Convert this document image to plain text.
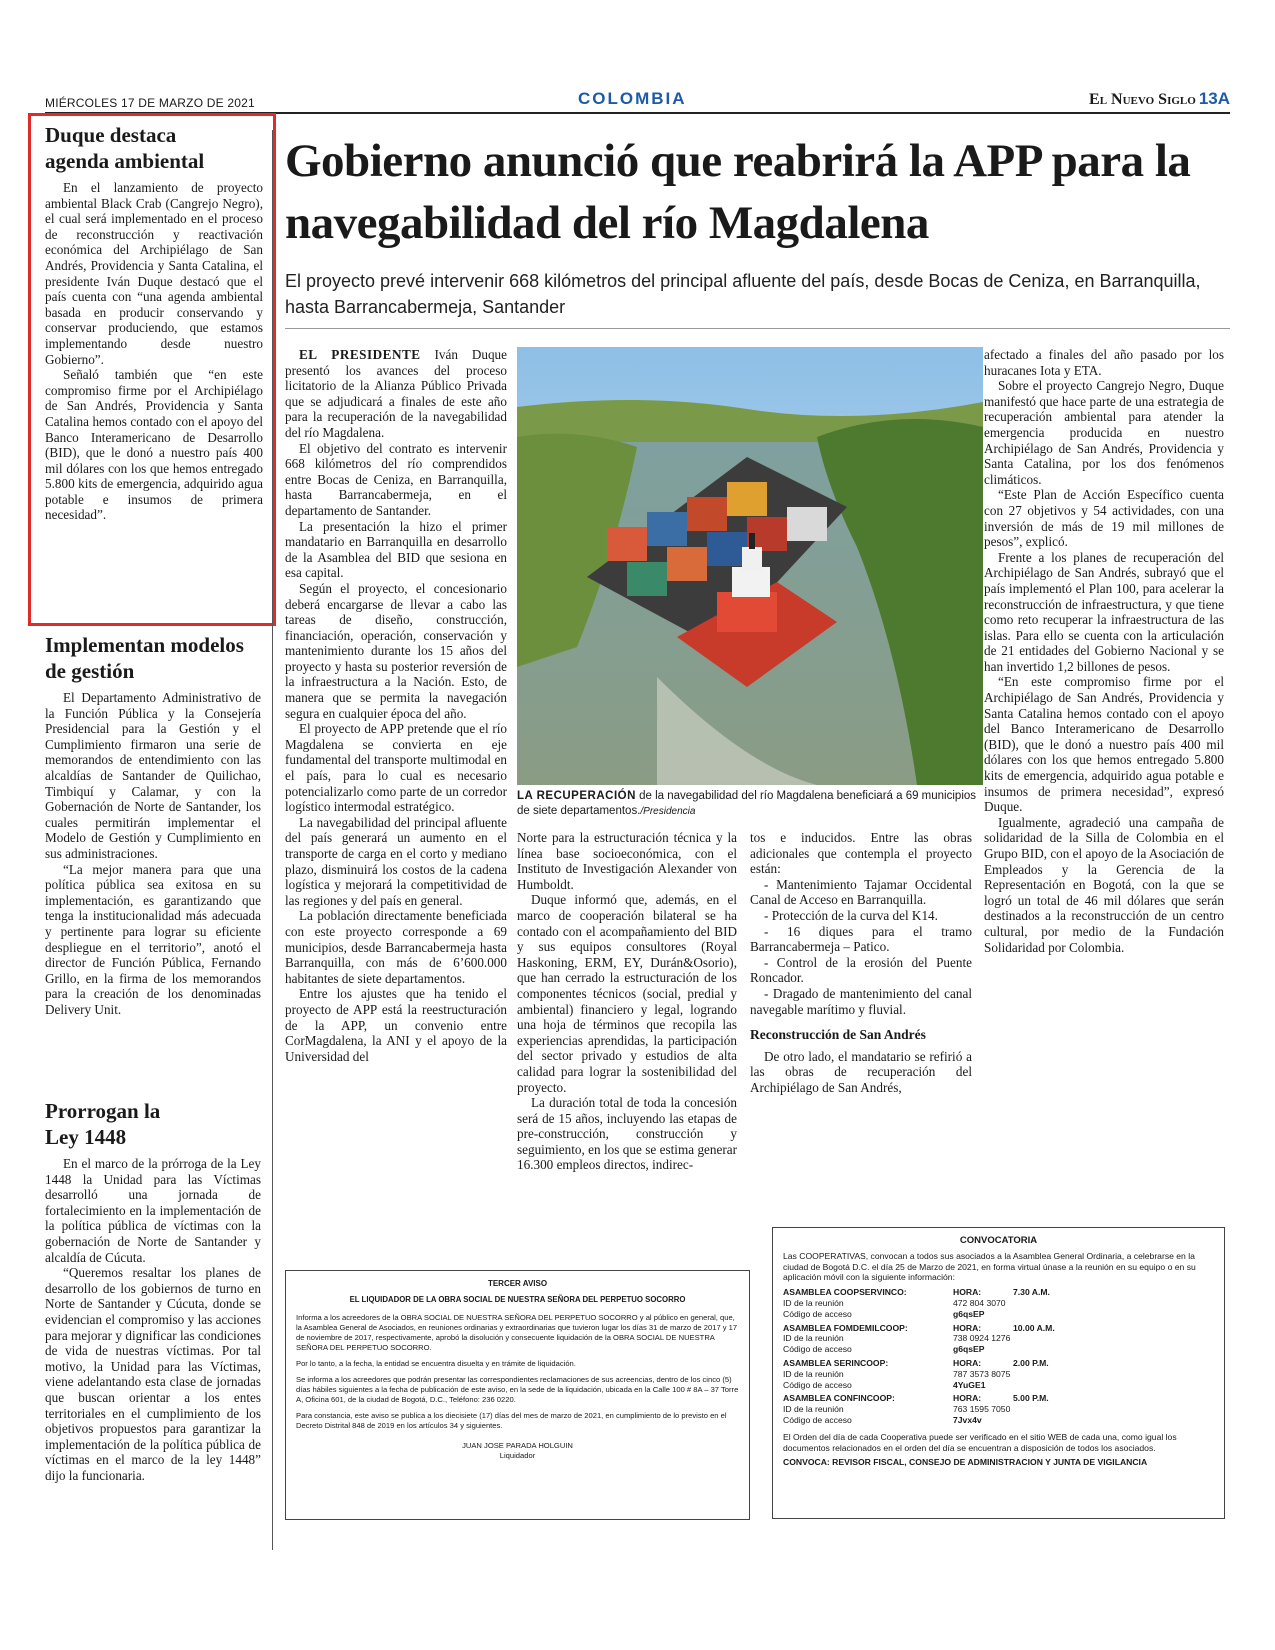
MIÉRCOLES 17 DE MARZO DE 2021	COLOMBIA	El Nuevo Siglo 13A
Duque destaca agenda ambiental

En el lanzamiento de proyecto ambiental Black Crab (Cangrejo Negro), el cual será implementado en el proceso de reconstrucción y reactivación económica del Archipiélago de San Andrés, Providencia y Santa Catalina, el presidente Iván Duque destacó que el país cuenta con “una agenda ambiental basada en producir conservando y conservar produciendo, que estamos implementando desde nuestro Gobierno”.

Señaló también que “en este compromiso firme por el Archipiélago de San Andrés, Providencia y Santa Catalina hemos contado con el apoyo del Banco Interamericano de Desarrollo (BID), que le donó a nuestro país 400 mil dólares con los que hemos entregado 5.800 kits de emergencia, adquirido agua potable e insumos de primera necesidad”.

Implementan modelos de gestión

El Departamento Administrativo de la Función Pública y la Consejería Presidencial para la Gestión y el Cumplimiento firmaron una serie de memorandos de entendimiento con las alcaldías de Santander de Quilichao, Timbiquí y Calamar, y con la Gobernación de Norte de Santander, los cuales permitirán implementar el Modelo de Gestión y Cumplimiento en sus administraciones.

“La mejor manera para que una política pública sea exitosa en su implementación, es garantizando que tenga la institucionalidad más adecuada y pertinente para lograr su eficiente despliegue en el territorio”, anotó el director de Función Pública, Fernando Grillo, en la firma de los memorandos para la creación de los denominadas Delivery Unit.

Prorrogan la Ley 1448

En el marco de la prórroga de la Ley 1448 la Unidad para las Víctimas desarrolló una jornada de fortalecimiento en la implementación de la política pública de víctimas con la gobernación de Norte de Santander y alcaldía de Cúcuta.

“Queremos resaltar los planes de desarrollo de los gobiernos de turno en Norte de Santander y Cúcuta, donde se evidencian el compromiso y las acciones para mejorar y dignificar las condiciones de vida de nuestras víctimas. Por tal motivo, la Unidad para las Víctimas, viene adelantando esta clase de jornadas que buscan orientar a los entes territoriales en el cumplimiento de los objetivos propuestos para garantizar la implementación de la política pública de víctimas en el marco de la ley 1448” dijo la funcionaria.

Gobierno anunció que reabrirá la APP para la navegabilidad del río Magdalena
El proyecto prevé intervenir 668 kilómetros del principal afluente del país, desde Bocas de Ceniza, en Barranquilla, hasta Barrancabermeja, Santander

EL PRESIDENTE Iván Duque presentó los avances del proceso licitatorio de la Alianza Público Privada que se adjudicará a finales de este año para la recuperación de la navegabilidad del río Magdalena.

El objetivo del contrato es intervenir 668 kilómetros del río comprendidos entre Bocas de Ceniza, en Barranquilla, hasta Barrancabermeja, en el departamento de Santander.

La presentación la hizo el primer mandatario en Barranquilla en desarrollo de la Asamblea del BID que sesiona en esa capital.

Según el proyecto, el concesionario deberá encargarse de llevar a cabo las tareas de diseño, construcción, financiación, operación, conservación y mantenimiento durante los 15 años del proyecto y hasta su posterior reversión de la infraestructura a la Nación. Esto, de manera que se permita la navegación segura en cualquier época del año.

El proyecto de APP pretende que el río Magdalena se convierta en eje fundamental del transporte multimodal en el país, para lo cual es necesario potencializarlo como parte de un corredor logístico intermodal estratégico.

La navegabilidad del principal afluente del país generará un aumento en el transporte de carga en el corto y mediano plazo, disminuirá los costos de la cadena logística y mejorará la competitividad de las regiones y del país en general.

La población directamente beneficiada con este proyecto corresponde a 69 municipios, desde Barrancabermeja hasta Barranquilla, con más de 6’600.000 habitantes de siete departamentos.

Entre los ajustes que ha tenido el proyecto de APP está la reestructuración de la APP, un convenio entre CorMagdalena, la ANI y el apoyo de la Universidad del

LA RECUPERACIÓN de la navegabilidad del río Magdalena beneficiará a 69 municipios de siete departamentos./Presidencia

Norte para la estructuración técnica y la línea base socioeconómica, con el Instituto de Investigación Alexander von Humboldt.

Duque informó que, además, en el marco de cooperación bilateral se ha contado con el acompañamiento del BID y sus equipos consultores (Royal Haskoning, ERM, EY, Durán&Osorio), que han cerrado la estructuración de los componentes técnicos (social, predial y ambiental) financiero y legal, logrando una hoja de términos que recopila las experiencias aprendidas, la participación del sector privado y estudios de alta calidad para lograr la sostenibilidad del proyecto.

La duración total de toda la concesión será de 15 años, incluyendo las etapas de pre-construcción, construcción y seguimiento, en los que se estima generar 16.300 empleos directos, indirec-

tos e inducidos. Entre las obras adicionales que contempla el proyecto están:

- Mantenimiento Tajamar Occidental Canal de Acceso en Barranquilla.

- Protección de la curva del K14.

- 16 diques para el tramo Barrancabermeja – Patico.

- Control de la erosión del Puente Roncador.

- Dragado de mantenimiento del canal navegable marítimo y fluvial.

Reconstrucción de San Andrés

De otro lado, el mandatario se refirió a las obras de recuperación del Archipiélago de San Andrés,

afectado a finales del año pasado por los huracanes Iota y ETA.

Sobre el proyecto Cangrejo Negro, Duque manifestó que hace parte de una estrategia de recuperación ambiental para atender la emergencia producida en nuestro Archipiélago de San Andrés, Providencia y Santa Catalina, por los dos fenómenos climáticos.

“Este Plan de Acción Específico cuenta con 27 objetivos y 54 actividades, con una inversión de más de 19 mil millones de pesos”, explicó.

Frente a los planes de recuperación del Archipiélago de San Andrés, subrayó que el país implementó el Plan 100, para acelerar la reconstrucción de infraestructura, y que tiene como reto recuperar la infraestructura de las islas. Para ello se cuenta con la articulación de 21 entidades del Gobierno Nacional y se han invertido 1,2 billones de pesos.

“En este compromiso firme por el Archipiélago de San Andrés, Providencia y Santa Catalina hemos contado con el apoyo del Banco Interamericano de Desarrollo (BID), que le donó a nuestro país 400 mil dólares con los que hemos entregado 5.800 kits de emergencia, adquirido agua potable e insumos de primera necesidad”, expresó Duque.

Igualmente, agradeció una campaña de solidaridad de la Silla de Colombia en el Grupo BID, con el apoyo de la Asociación de Empleados y la Gerencia de la Representación en Bogotá, con la que se logró un total de 46 mil dólares que serán destinados a la reconstrucción de un centro cultural, por medio de la Fundación Solidaridad por Colombia.

TERCER AVISO
EL LIQUIDADOR DE LA OBRA SOCIAL DE NUESTRA SEÑORA DEL PERPETUO SOCORRO

Informa a los acreedores de la OBRA SOCIAL DE NUESTRA SEÑORA DEL PERPETUO SOCORRO y al público en general, que, la Asamblea General de Asociados, en reuniones ordinarias y extraordinarias que tuvieron lugar los días 31 de marzo de 2017 y 17 de noviembre de 2017, respectivamente, aprobó la disolución y consecuente liquidación de la OBRA SOCIAL DE NUESTRA SEÑORA DEL PERPETUO SOCORRO.

Por lo tanto, a la fecha, la entidad se encuentra disuelta y en trámite de liquidación.

Se informa a los acreedores que podrán presentar las correspondientes reclamaciones de sus acreencias, dentro de los cinco (5) días hábiles siguientes a la fecha de publicación de este aviso, en la sede de la liquidación, ubicada en la Calle 100 # 8A – 37 Torre A, Oficina 601, de la ciudad de Bogotá, D.C., Teléfono: 236 0220.

Para constancia, este aviso se publica a los diecisiete (17) días del mes de marzo de 2021, en cumplimiento de lo previsto en el Decreto Distrital 848 de 2019 en los artículos 34 y siguientes.

JUAN JOSE PARADA HOLGUIN
Liquidador
CONVOCATORIA
Las COOPERATIVAS, convocan a todos sus asociados a la Asamblea General Ordinaria, a celebrarse en la ciudad de Bogotá D.C. el día 25 de Marzo de 2021, en forma virtual únase a la reunión en su equipo o en su aplicación móvil con la siguiente información:
ASAMBLEA COOPSERVINCO:	HORA:	7.30 A.M.
ID de la reunión	472 804 3070
Código de acceso	g6qsEP
ASAMBLEA FOMDEMILCOOP:	HORA:	10.00 A.M.
ID de la reunión	738 0924 1276
Código de acceso	g6qsEP
ASAMBLEA SERINCOOP:	HORA:	2.00 P.M.
ID de la reunión	787 3573 8075
Código de acceso	4YuGE1
ASAMBLEA CONFINCOOP:	HORA:	5.00 P.M.
ID de la reunión	763 1595 7050
Código de acceso	7Jvx4v
El Orden del día de cada Cooperativa puede ser verificado en el sitio WEB de cada una, como igual los documentos relacionados en el orden del día se encuentran a disposición de todos los asociados.
CONVOCA: REVISOR FISCAL, CONSEJO DE ADMINISTRACION Y JUNTA DE VIGILANCIA
